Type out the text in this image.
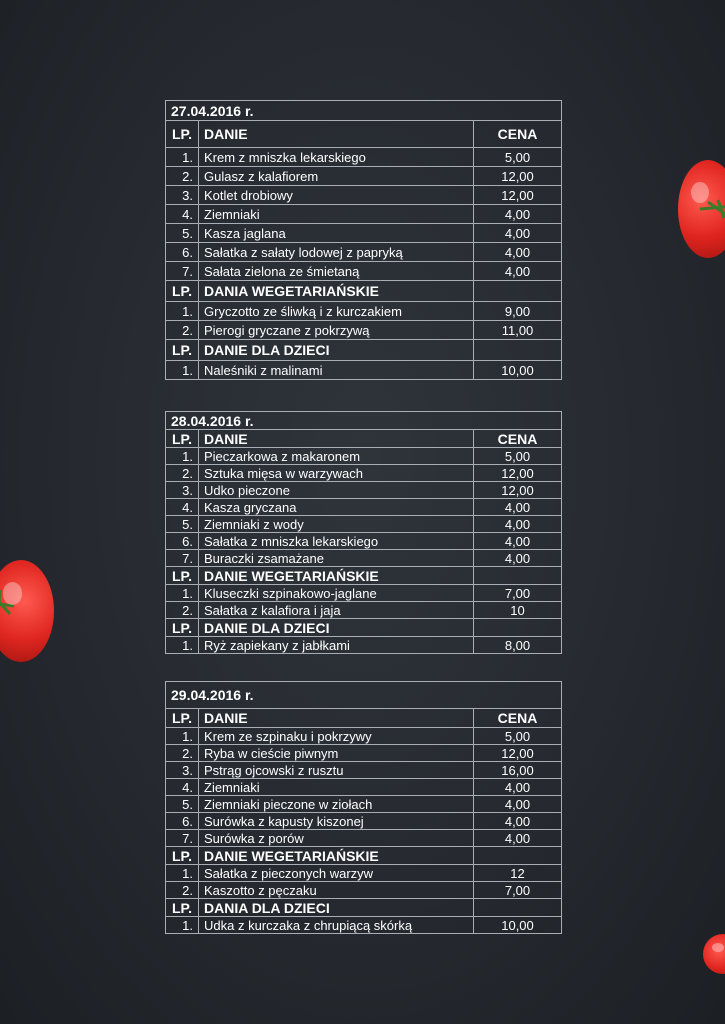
27.04.2016 r.		
LP.	DANIE	CENA
1.	Krem z mniszka lekarskiego	5,00
2.	Gulasz z kalafiorem	12,00
3.	Kotlet drobiowy	12,00
4.	Ziemniaki	4,00
5.	Kasza jaglana	4,00
6.	Sałatka z sałaty lodowej z papryką	4,00
7.	Sałata zielona ze śmietaną	4,00
LP.	DANIA WEGETARIAŃSKIE	
1.	Gryczotto ze śliwką i z kurczakiem	9,00
2.	Pierogi gryczane z pokrzywą	11,00
LP.	DANIE DLA DZIECI	
1.	Naleśniki z malinami	10,00
28.04.2016 r.		
LP.	DANIE	CENA
1.	Pieczarkowa z makaronem	5,00
2.	Sztuka mięsa w warzywach	12,00
3.	Udko pieczone	12,00
4.	Kasza gryczana	4,00
5.	Ziemniaki z wody	4,00
6.	Sałatka z mniszka lekarskiego	4,00
7.	Buraczki zsamażane	4,00
LP.	DANIE WEGETARIAŃSKIE	
1.	Kluseczki szpinakowo-jaglane	7,00
2.	Sałatka z kalafiora i jaja	10
LP.	DANIE DLA DZIECI	
1.	Ryż zapiekany z jabłkami	8,00
29.04.2016 r.		
LP.	DANIE	CENA
1.	Krem ze szpinaku i pokrzywy	5,00
2.	Ryba w cieście piwnym	12,00
3.	Pstrąg ojcowski z rusztu	16,00
4.	Ziemniaki	4,00
5.	Ziemniaki pieczone w ziołach	4,00
6.	Surówka z kapusty kiszonej	4,00
7.	Surówka z porów	4,00
LP.	DANIE WEGETARIAŃSKIE	
1.	Sałatka z pieczonych warzyw	12
2.	Kaszotto z pęczaku	7,00
LP.	DANIA DLA DZIECI	
1.	Udka z kurczaka z chrupiącą skórką	10,00
